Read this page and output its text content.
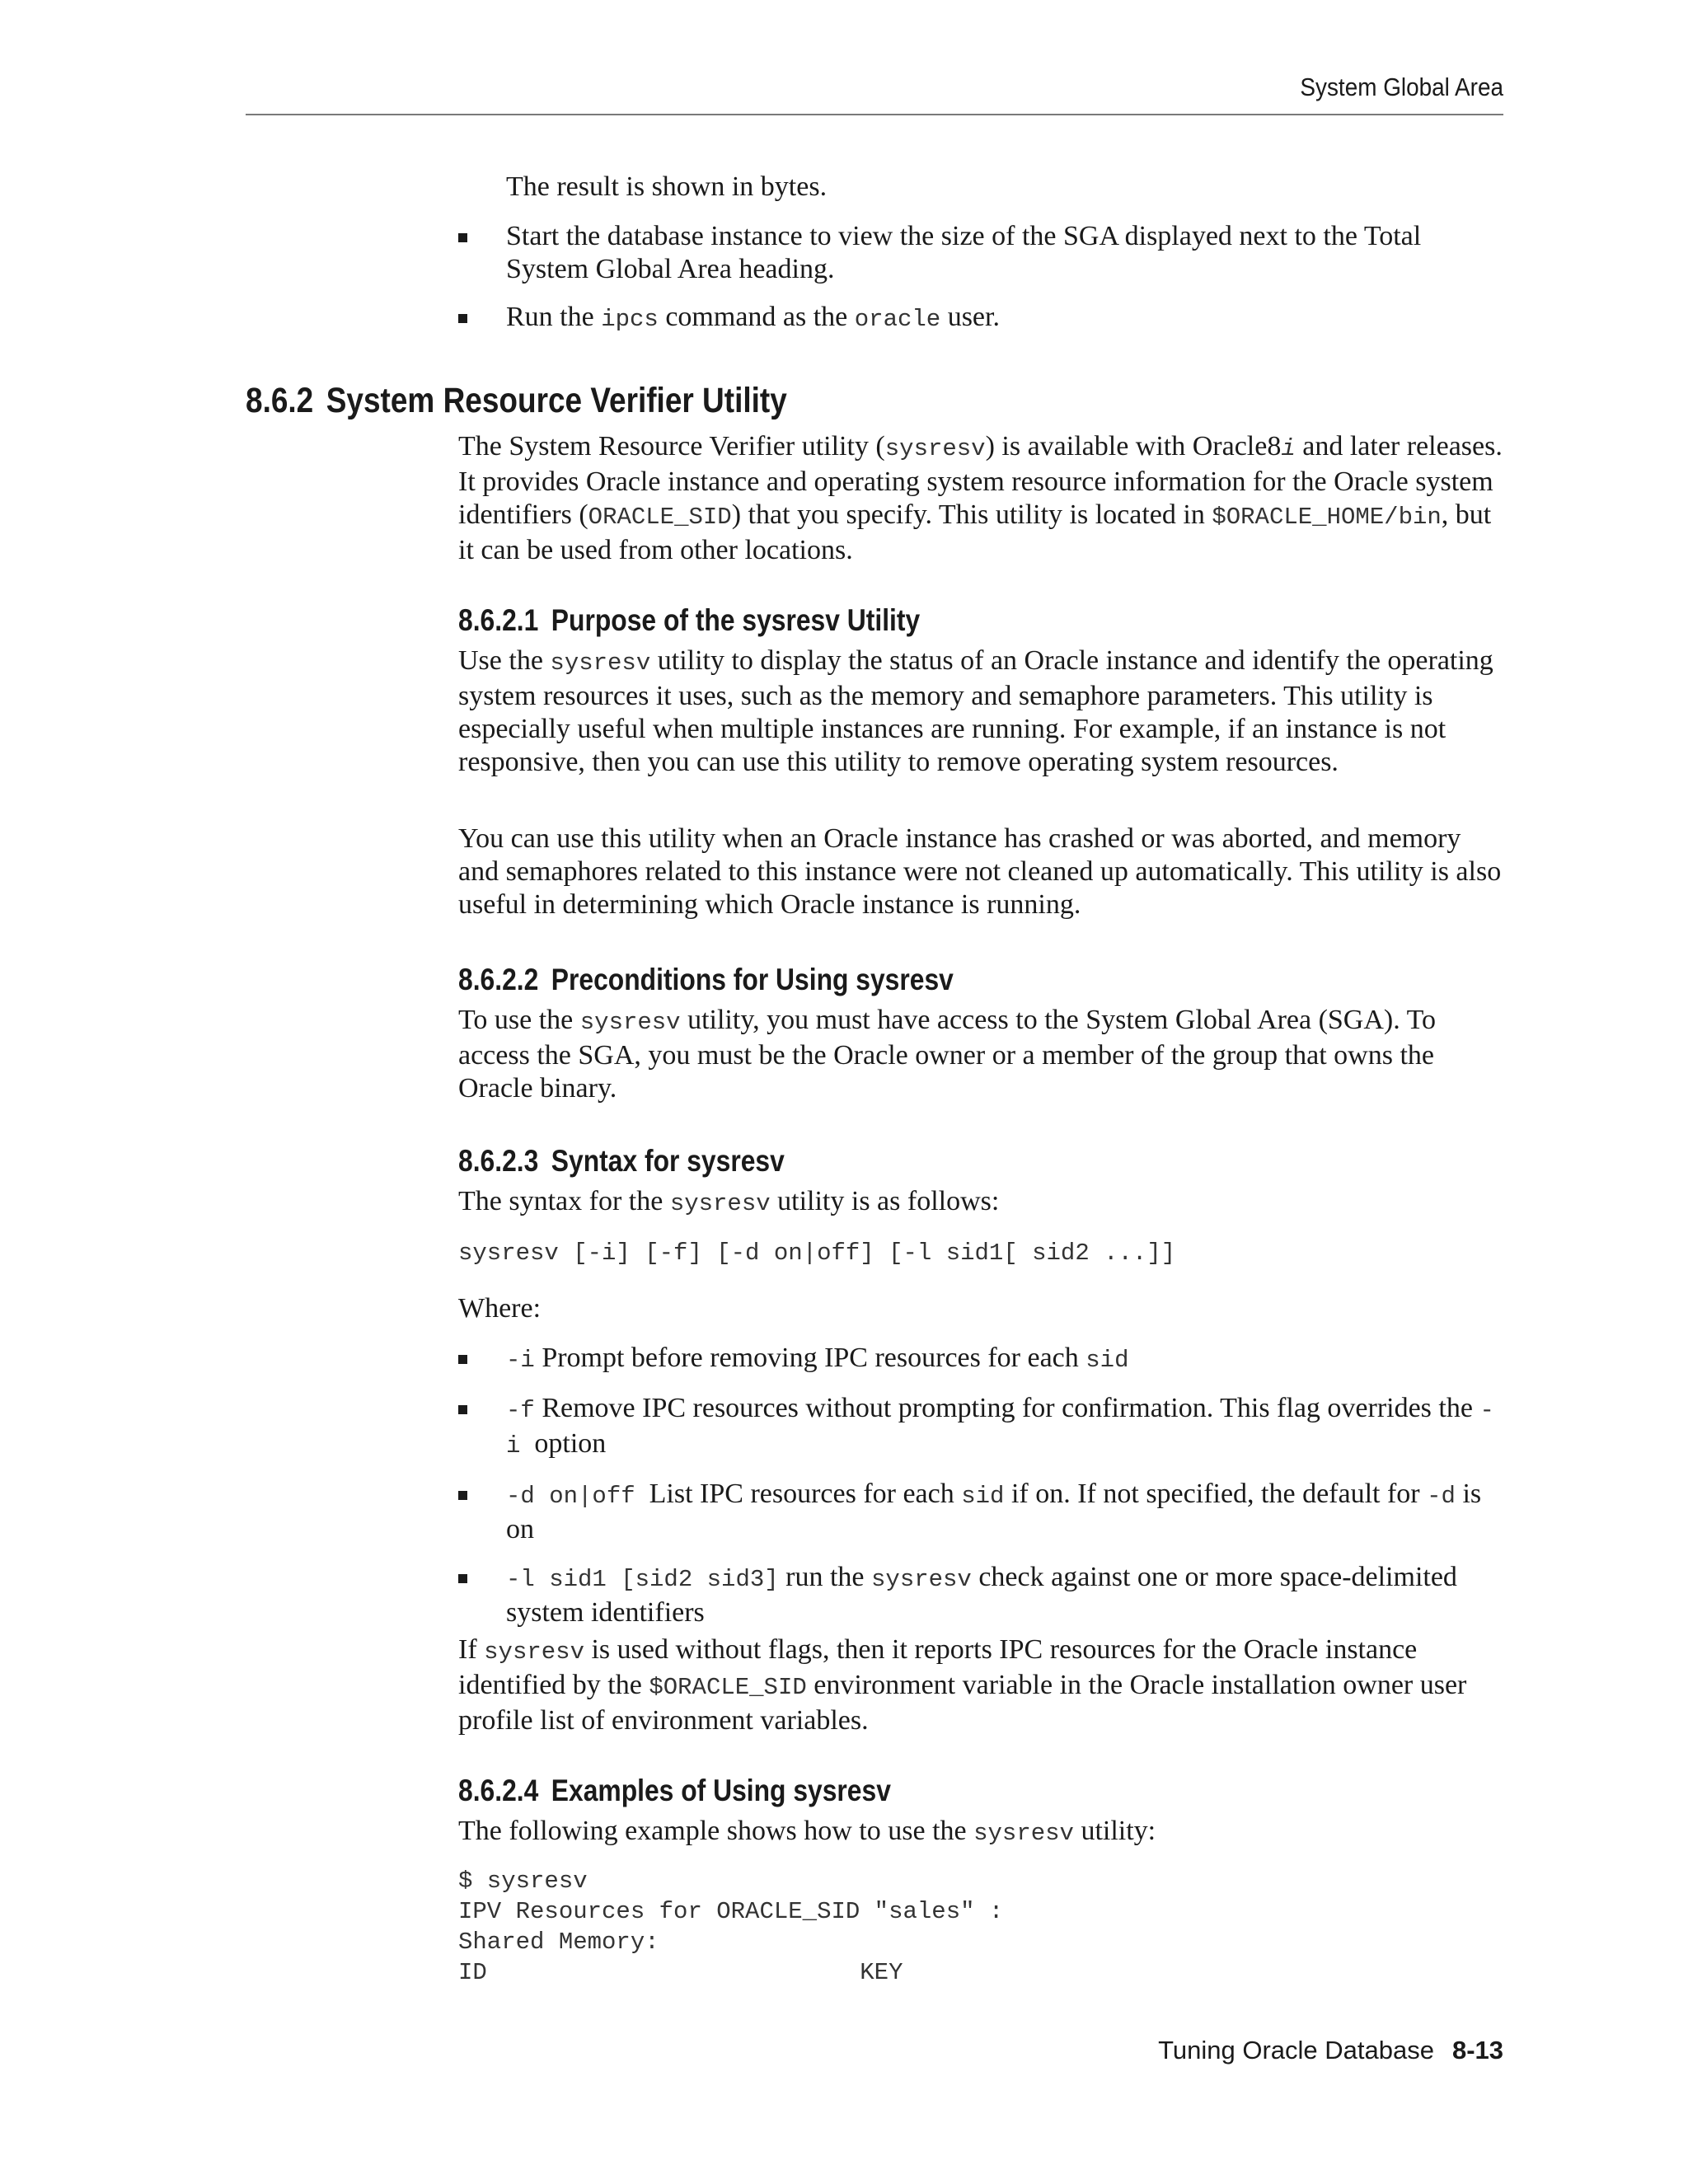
System Global Area

The result is shown in bytes.

Start the database instance to view the size of the SGA displayed next to the Total System Global Area heading.
Run the ipcs command as the oracle user.
8.6.2 System Resource Verifier Utility

The System Resource Verifier utility (sysresv) is available with Oracle8i and later releases. It provides Oracle instance and operating system resource information for the Oracle system identifiers (ORACLE_SID) that you specify. This utility is located in $ORACLE_HOME/bin, but it can be used from other locations.

8.6.2.1 Purpose of the sysresv Utility

Use the sysresv utility to display the status of an Oracle instance and identify the operating system resources it uses, such as the memory and semaphore parameters. This utility is especially useful when multiple instances are running. For example, if an instance is not responsive, then you can use this utility to remove operating system resources.

You can use this utility when an Oracle instance has crashed or was aborted, and memory and semaphores related to this instance were not cleaned up automatically. This utility is also useful in determining which Oracle instance is running.

8.6.2.2 Preconditions for Using sysresv

To use the sysresv utility, you must have access to the System Global Area (SGA). To access the SGA, you must be the Oracle owner or a member of the group that owns the Oracle binary.

8.6.2.3 Syntax for sysresv

The syntax for the sysresv utility is as follows:

sysresv [-i] [-f] [-d on|off] [-l sid1[ sid2 ...]]

Where:

-i Prompt before removing IPC resources for each sid
-f Remove IPC resources without prompting for confirmation. This flag overrides the -i  option
-d on|off  List IPC resources for each sid if on. If not specified, the default for -d is on
-l sid1 [sid2 sid3] run the sysresv check against one or more space-delimited system identifiers

If sysresv is used without flags, then it reports IPC resources for the Oracle instance identified by the $ORACLE_SID environment variable in the Oracle installation owner user profile list of environment variables.

8.6.2.4 Examples of Using sysresv

The following example shows how to use the sysresv utility:

$ sysresv
IPV Resources for ORACLE_SID "sales" :
Shared Memory:
ID                          KEY
Tuning Oracle Database 8-13
